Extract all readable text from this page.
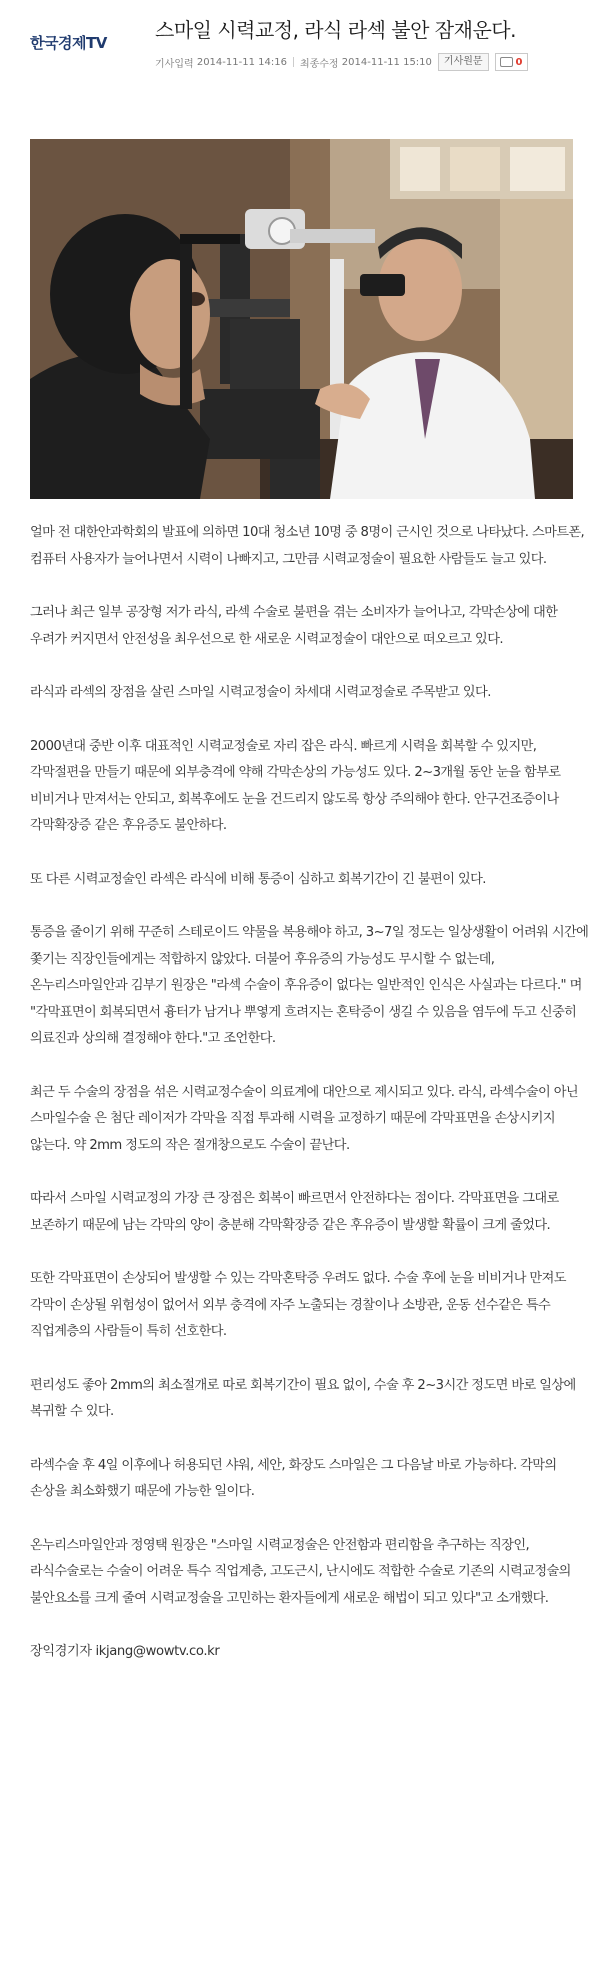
한국경제TV
스마일 시력교정, 라식 라섹 불안 잠재운다.
기사입력
2014-11-11 14:16 최종수정
2014-11-11 15:10	기사원문	0

얼마 전 대한안과학회의 발표에 의하면 10대 청소년 10명 중 8명이 근시인 것으로 나타났다. 스마트폰, 컴퓨터 사용자가 늘어나면서 시력이 나빠지고, 그만큼 시력교정술이 필요한 사람들도 늘고 있다.

그러나 최근 일부 공장형 저가 라식, 라섹 수술로 불편을 겪는 소비자가 늘어나고, 각막손상에 대한 우려가 커지면서 안전성을 최우선으로 한 새로운 시력교정술이 대안으로 떠오르고 있다.

라식과 라섹의 장점을 살린 스마일 시력교정술이 차세대 시력교정술로 주목받고 있다.

2000년대 중반 이후 대표적인 시력교정술로 자리 잡은 라식. 빠르게 시력을 회복할 수 있지만, 각막절편을 만들기 때문에 외부충격에 약해 각막손상의 가능성도 있다. 2~3개월 동안 눈을 함부로 비비거나 만져서는 안되고, 회복후에도 눈을 건드리지 않도록 항상 주의해야 한다. 안구건조증이나 각막확장증 같은 후유증도 불안하다.

또 다른 시력교정술인 라섹은 라식에 비해 통증이 심하고 회복기간이 긴 불편이 있다.

통증을 줄이기 위해 꾸준히 스테로이드 약물을 복용해야 하고, 3~7일 정도는 일상생활이 어려워 시간에 쫓기는 직장인들에게는 적합하지 않았다. 더불어 후유증의 가능성도 무시할 수 없는데, 온누리스마일안과 김부기 원장은 "라섹 수술이 후유증이 없다는 일반적인 인식은 사실과는 다르다." 며 "각막표면이 회복되면서 흉터가 남거나 뿌옇게 흐려지는 혼탁증이 생길 수 있음을 염두에 두고 신중히 의료진과 상의해 결정해야 한다."고 조언한다.

최근 두 수술의 장점을 섞은 시력교정수술이 의료계에 대안으로 제시되고 있다. 라식, 라섹수술이 아닌 스마일수술 은 첨단 레이저가 각막을 직접 투과해 시력을 교정하기 때문에 각막표면을 손상시키지 않는다. 약 2mm 정도의 작은 절개창으로도 수술이 끝난다.

따라서 스마일 시력교정의 가장 큰 장점은 회복이 빠르면서 안전하다는 점이다. 각막표면을 그대로 보존하기 때문에 남는 각막의 양이 충분해 각막확장증 같은 후유증이 발생할 확률이 크게 줄었다.

또한 각막표면이 손상되어 발생할 수 있는 각막혼탁증 우려도 없다. 수술 후에 눈을 비비거나 만져도 각막이 손상될 위험성이 없어서 외부 충격에 자주 노출되는 경찰이나 소방관, 운동 선수같은 특수 직업계층의 사람들이 특히 선호한다.

편리성도 좋아 2mm의 최소절개로 따로 회복기간이 필요 없이, 수술 후 2~3시간 정도면 바로 일상에 복귀할 수 있다.

라섹수술 후 4일 이후에나 허용되던 샤워, 세안, 화장도 스마일은 그 다음날 바로 가능하다. 각막의 손상을 최소화했기 때문에 가능한 일이다.

온누리스마일안과 정영택 원장은 "스마일 시력교정술은 안전함과 편리함을 추구하는 직장인, 라식수술로는 수술이 어려운 특수 직업계층, 고도근시, 난시에도 적합한 수술로 기존의 시력교정술의 불안요소를 크게 줄여 시력교정술을 고민하는 환자들에게 새로운 해법이 되고 있다"고 소개했다.

장익경기자 ikjang@wowtv.co.kr
